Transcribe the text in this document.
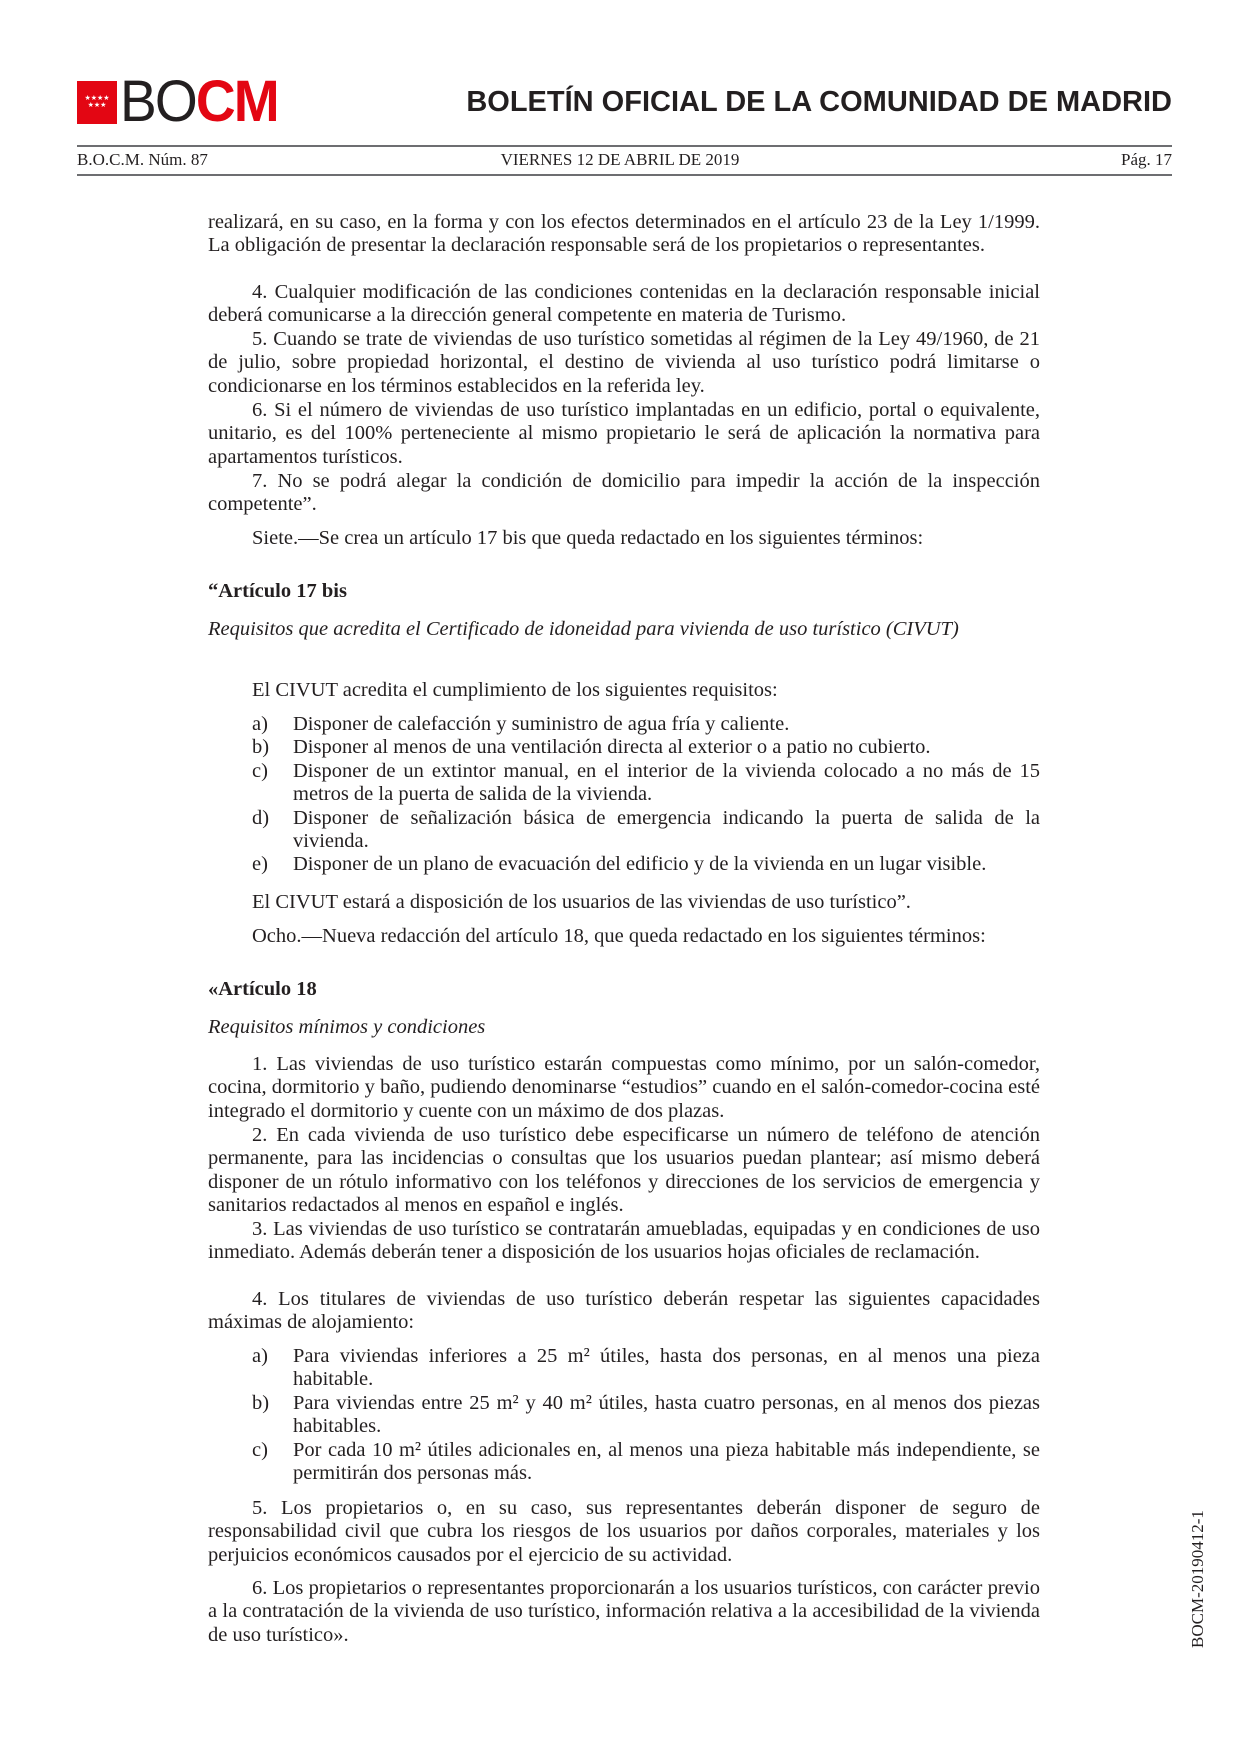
★★★★
★★★ BOCM	BOLETÍN OFICIAL DE LA COMUNIDAD DE MADRID
B.O.C.M. Núm. 87	VIERNES 12 DE ABRIL DE 2019	Pág. 17
realizará, en su caso, en la forma y con los efectos determinados en el artículo 23 de la Ley 1/1999. La obligación de presentar la declaración responsable será de los propietarios o representantes.
4. Cualquier modificación de las condiciones contenidas en la declaración responsable inicial deberá comunicarse a la dirección general competente en materia de Turismo.
5. Cuando se trate de viviendas de uso turístico sometidas al régimen de la Ley 49/1960, de 21 de julio, sobre propiedad horizontal, el destino de vivienda al uso turístico podrá limitarse o condicionarse en los términos establecidos en la referida ley.
6. Si el número de viviendas de uso turístico implantadas en un edificio, portal o equivalente, unitario, es del 100% perteneciente al mismo propietario le será de aplicación la normativa para apartamentos turísticos.
7. No se podrá alegar la condición de domicilio para impedir la acción de la inspección competente”.
Siete.—Se crea un artículo 17 bis que queda redactado en los siguientes términos:
“Artículo 17 bis
Requisitos que acredita el Certificado de idoneidad para vivienda de uso turístico (CIVUT)
El CIVUT acredita el cumplimiento de los siguientes requisitos:
a) Disponer de calefacción y suministro de agua fría y caliente.
b) Disponer al menos de una ventilación directa al exterior o a patio no cubierto.
c) Disponer de un extintor manual, en el interior de la vivienda colocado a no más de 15 metros de la puerta de salida de la vivienda.
d) Disponer de señalización básica de emergencia indicando la puerta de salida de la vivienda.
e) Disponer de un plano de evacuación del edificio y de la vivienda en un lugar visible.
El CIVUT estará a disposición de los usuarios de las viviendas de uso turístico”.
Ocho.—Nueva redacción del artículo 18, que queda redactado en los siguientes términos:
«Artículo 18
Requisitos mínimos y condiciones
1. Las viviendas de uso turístico estarán compuestas como mínimo, por un salón-comedor, cocina, dormitorio y baño, pudiendo denominarse “estudios” cuando en el salón-comedor-cocina esté integrado el dormitorio y cuente con un máximo de dos plazas.
2. En cada vivienda de uso turístico debe especificarse un número de teléfono de atención permanente, para las incidencias o consultas que los usuarios puedan plantear; así mismo deberá disponer de un rótulo informativo con los teléfonos y direcciones de los servicios de emergencia y sanitarios redactados al menos en español e inglés.
3. Las viviendas de uso turístico se contratarán amuebladas, equipadas y en condiciones de uso inmediato. Además deberán tener a disposición de los usuarios hojas oficiales de reclamación.
4. Los titulares de viviendas de uso turístico deberán respetar las siguientes capacidades máximas de alojamiento:
a) Para viviendas inferiores a 25 m² útiles, hasta dos personas, en al menos una pieza habitable.
b) Para viviendas entre 25 m² y 40 m² útiles, hasta cuatro personas, en al menos dos piezas habitables.
c) Por cada 10 m² útiles adicionales en, al menos una pieza habitable más independiente, se permitirán dos personas más.
5. Los propietarios o, en su caso, sus representantes deberán disponer de seguro de responsabilidad civil que cubra los riesgos de los usuarios por daños corporales, materiales y los perjuicios económicos causados por el ejercicio de su actividad.
6. Los propietarios o representantes proporcionarán a los usuarios turísticos, con carácter previo a la contratación de la vivienda de uso turístico, información relativa a la accesibilidad de la vivienda de uso turístico».	BOCM-20190412-1
